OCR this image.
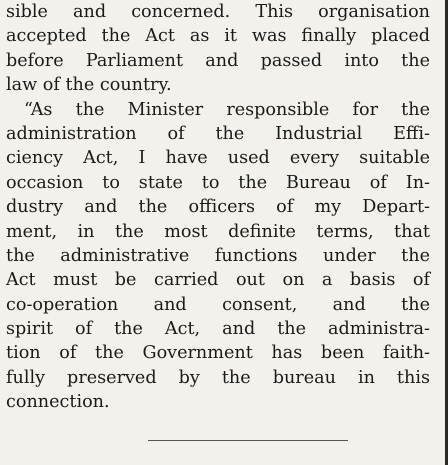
sible and concerned. This organisation
accepted the Act as it was finally placed
before Parliament and passed into the
law of the country.
“As the Minister responsible for the
administration of the Industrial Effi-
ciency Act, I have used every suitable
occasion to state to the Bureau of In-
dustry and the officers of my Depart-
ment, in the most definite terms, that
the administrative functions under the
Act must be carried out on a basis of
co-operation and consent, and the
spirit of the Act, and the administra-
tion of the Government has been faith-
fully preserved by the bureau in this
connection.
